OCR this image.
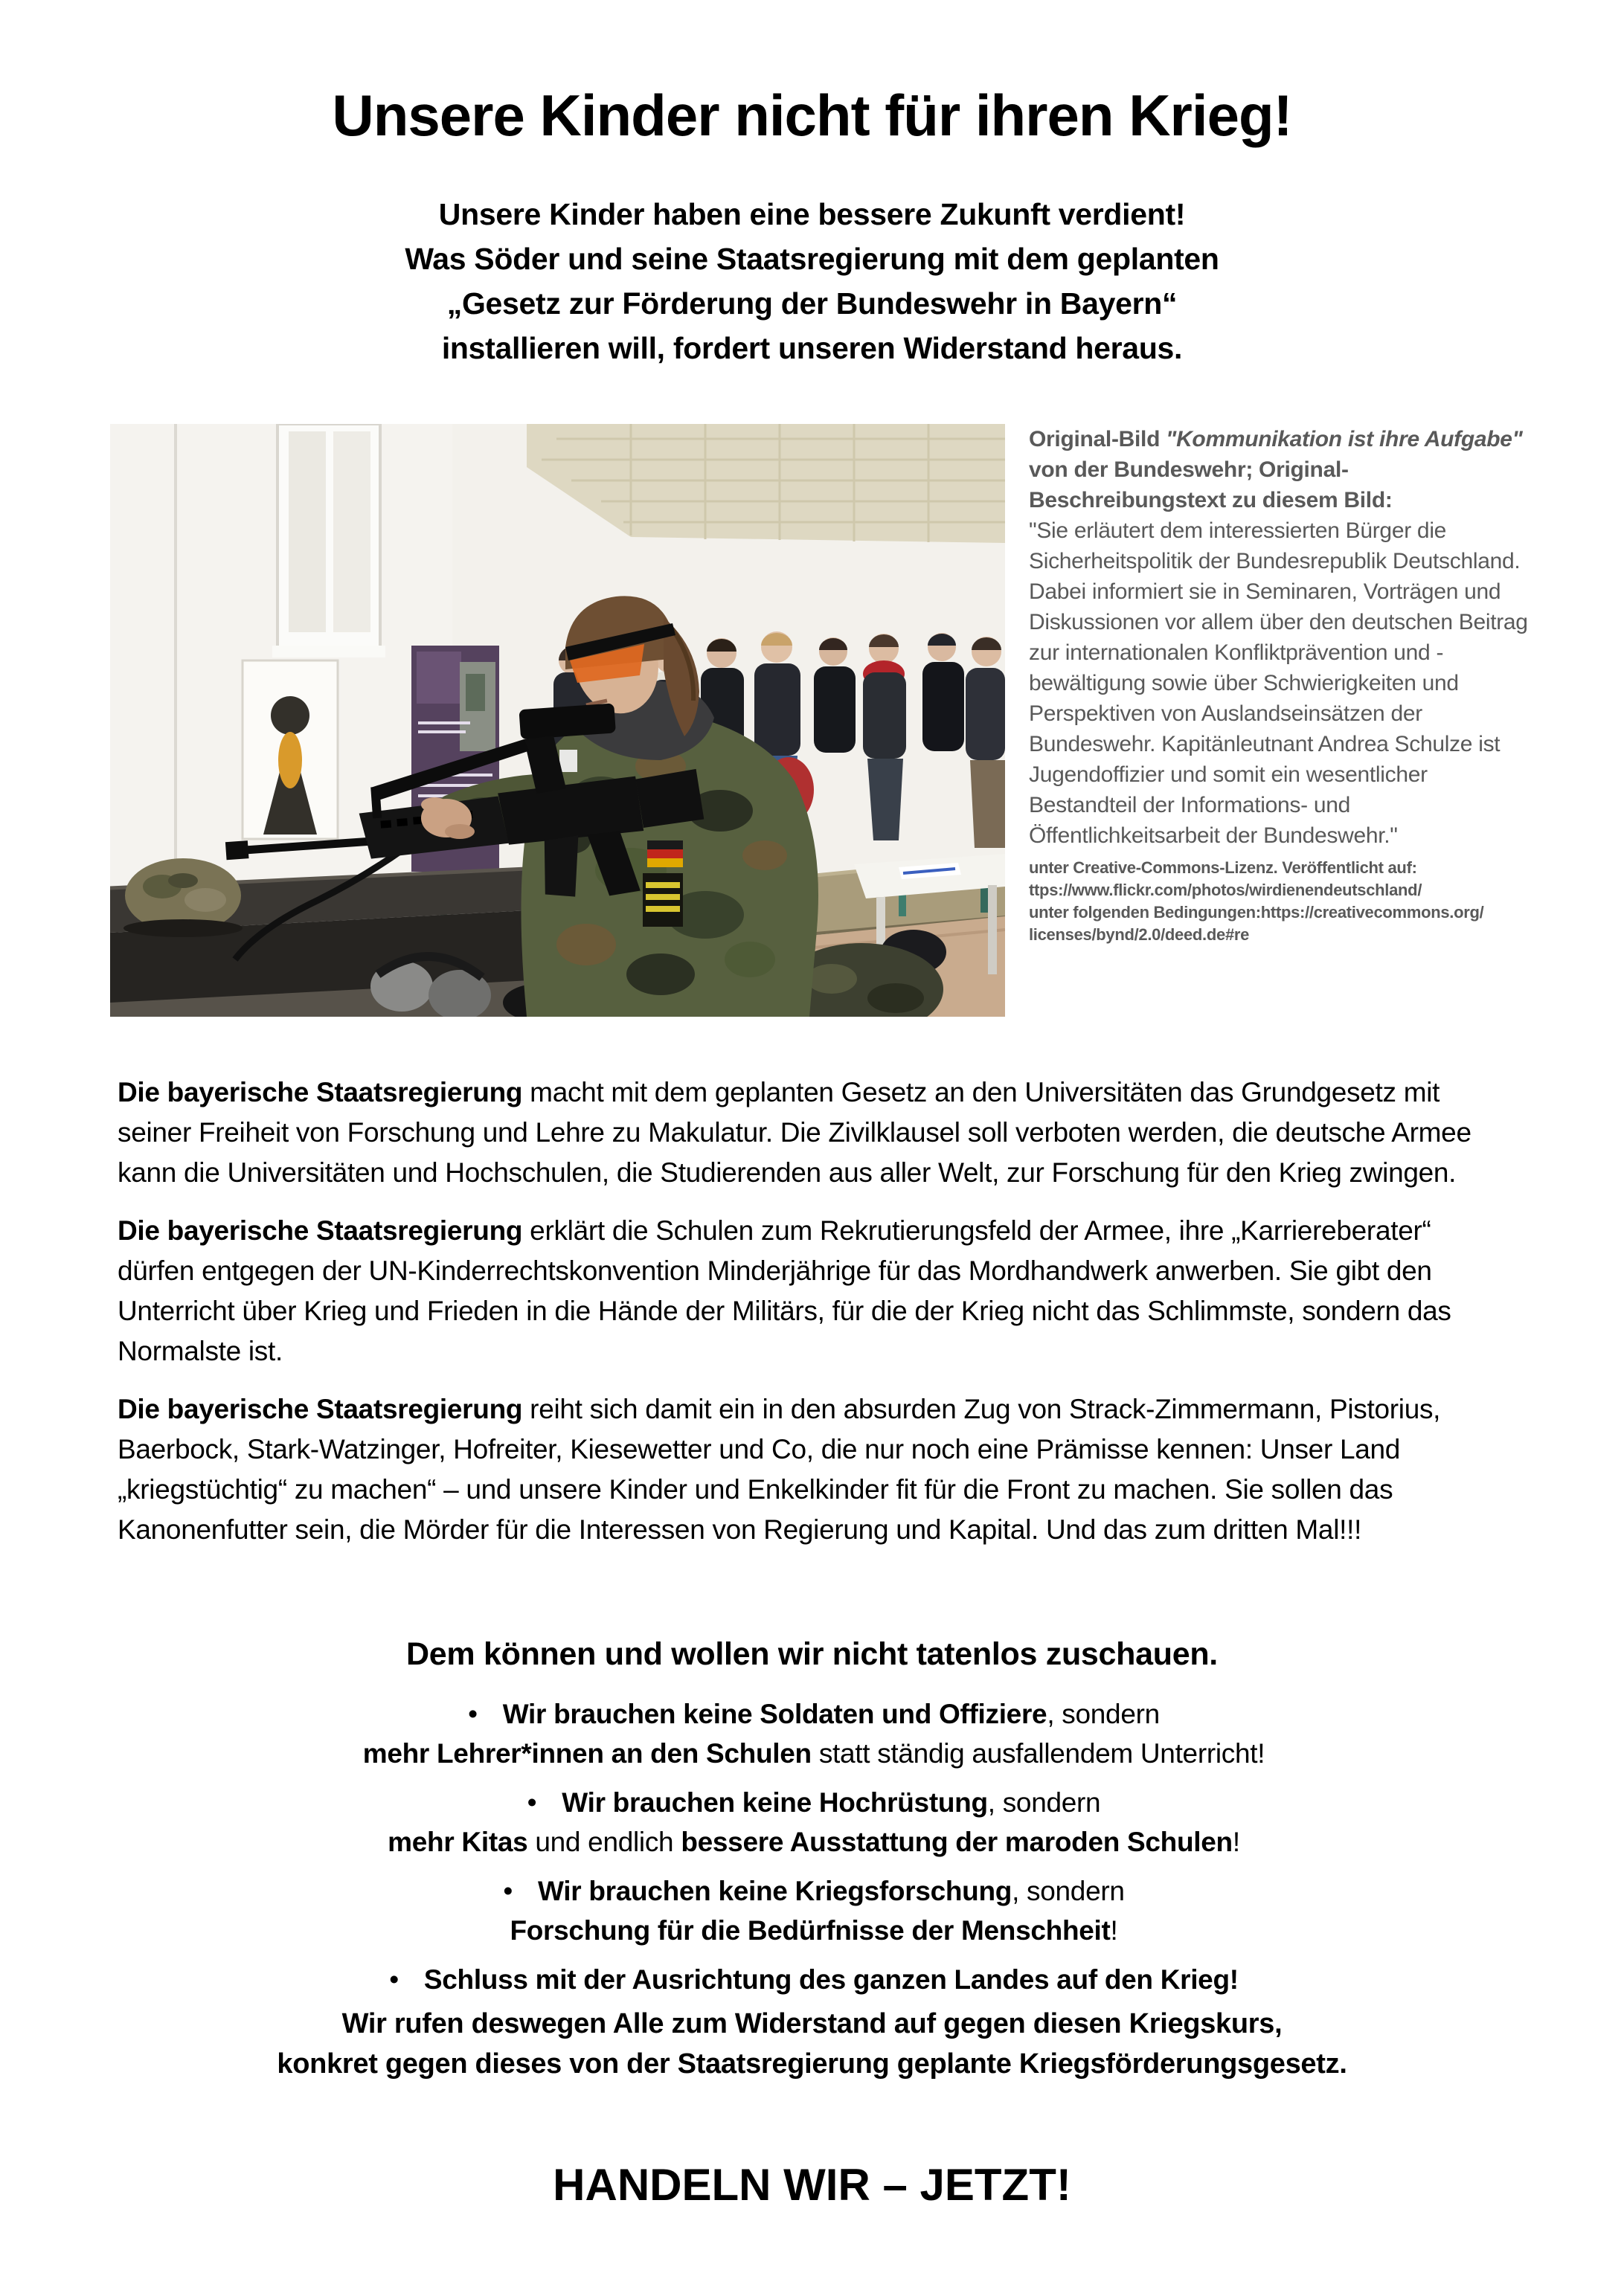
Unsere Kinder nicht für ihren Krieg!
Unsere Kinder haben eine bessere Zukunft verdient!
Was Söder und seine Staatsregierung mit dem geplanten
„Gesetz zur Förderung der Bundeswehr in Bayern“
installieren will, fordert unseren Widerstand heraus.
Original-Bild "Kommunikation ist ihre Aufgabe" von der Bundeswehr; Original-Beschreibungstext zu diesem Bild:
"Sie erläutert dem interessierten Bürger die Sicherheitspolitik der Bundesrepublik Deutschland. Dabei informiert sie in Seminaren, Vorträgen und Diskussionen vor allem über den deutschen Beitrag zur internationalen Konfliktprävention und -bewältigung sowie über Schwierigkeiten und Perspektiven von Auslandseinsätzen der Bundeswehr. Kapitänleutnant Andrea Schulze ist Jugendoffizier und somit ein wesentlicher Bestandteil der Informations- und Öffentlichkeitsarbeit der Bundeswehr."
unter Creative-Commons-Lizenz. Veröffentlicht auf:
ttps://www.flickr.com/photos/wirdienendeutschland/
unter folgenden Bedingungen:https://creativecommons.org/
licenses/bynd/2.0/deed.de#re

Die bayerische Staatsregierung macht mit dem geplanten Gesetz an den Universitäten das Grundgesetz mit seiner Freiheit von Forschung und Lehre zu Makulatur. Die Zivilklausel soll verboten werden, die deutsche Armee kann die Universitäten und Hochschulen, die Studierenden aus aller Welt, zur Forschung für den Krieg zwingen.

Die bayerische Staatsregierung erklärt die Schulen zum Rekrutierungsfeld der Armee, ihre „Karriereberater“ dürfen entgegen der UN-Kinderrechtskonvention Minderjährige für das Mordhandwerk anwerben. Sie gibt den Unterricht über Krieg und Frieden in die Hände der Militärs, für die der Krieg nicht das Schlimmste, sondern das Normalste ist.

Die bayerische Staatsregierung reiht sich damit ein in den absurden Zug von Strack-Zimmermann, Pistorius, Baerbock, Stark-Watzinger, Hofreiter, Kiesewetter und Co, die nur noch eine Prämisse kennen: Unser Land „kriegstüchtig“ zu machen“ – und unsere Kinder und Enkelkinder fit für die Front zu machen. Sie sollen das Kanonenfutter sein, die Mörder für die Interessen von Regierung und Kapital. Und das zum dritten Mal!!!

Dem können und wollen wir nicht tatenlos zuschauen.
• Wir brauchen keine Soldaten und Offiziere, sondern
mehr Lehrer*innen an den Schulen statt ständig ausfallendem Unterricht!
• Wir brauchen keine Hochrüstung, sondern
mehr Kitas und endlich bessere Ausstattung der maroden Schulen!
• Wir brauchen keine Kriegsforschung, sondern
Forschung für die Bedürfnisse der Menschheit!
• Schluss mit der Ausrichtung des ganzen Landes auf den Krieg!
Wir rufen deswegen Alle zum Widerstand auf gegen diesen Kriegskurs,
konkret gegen dieses von der Staatsregierung geplante Kriegsförderungsgesetz.
HANDELN WIR – JETZT!
